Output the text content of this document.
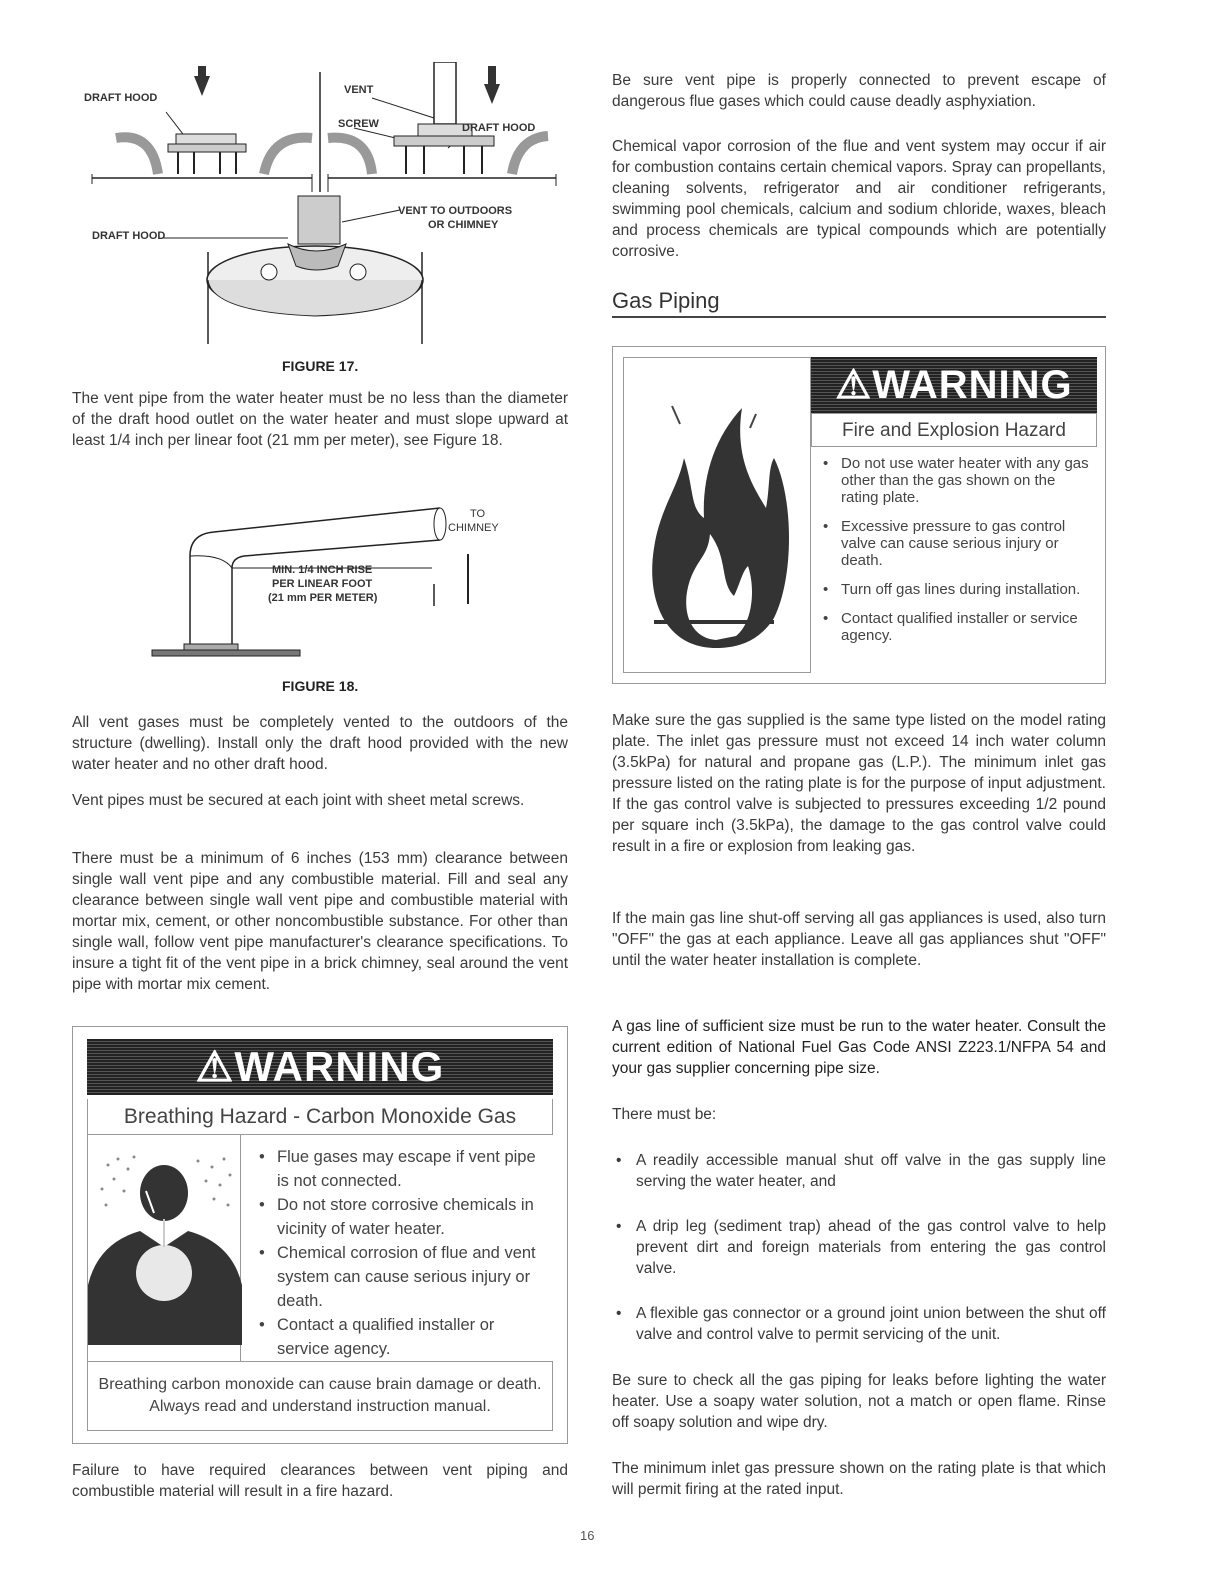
DRAFT HOOD
VENT
SCREW	DRAFT HOOD
VENT TO OUTDOORS
OR CHIMNEY
DRAFT HOOD
FIGURE 17.

The vent pipe from the water heater must be no less than the diameter of the draft hood outlet on the water heater and must slope upward at least 1/4 inch per linear foot (21 mm per meter), see Figure 18.

TO
CHIMNEY
MIN. 1/4 INCH RISE
PER LINEAR FOOT
(21 mm PER METER)
FIGURE 18.

All vent gases must be completely vented to the outdoors of the structure (dwelling). Install only the draft hood provided with the new water heater and no other draft hood.

Vent pipes must be secured at each joint with sheet metal screws.

There must be a minimum of 6 inches (153 mm) clearance between single wall vent pipe and any combustible material. Fill and seal any clearance between single wall vent pipe and combustible material with mortar mix, cement, or other noncombustible substance. For other than single wall, follow vent pipe manufacturer's clearance specifications. To insure a tight fit of the vent pipe in a brick chimney, seal around the vent pipe with mortar mix cement.

⚠WARNING
Breathing Hazard - Carbon Monoxide Gas
• Flue gases may escape if vent pipe is not connected.
• Do not store corrosive chemicals in vicinity of water heater.
• Chemical corrosion of flue and vent system can cause serious injury or death.
• Contact a qualified installer or service agency.
Breathing carbon monoxide can cause brain damage or death. Always read and understand instruction manual.

Failure to have required clearances between vent piping and combustible material will result in a fire hazard.

Be sure vent pipe is properly connected to prevent escape of dangerous flue gases which could cause deadly asphyxiation.

Chemical vapor corrosion of the flue and vent system may occur if air for combustion contains certain chemical vapors. Spray can propellants, cleaning solvents, refrigerator and air conditioner refrigerants, swimming pool chemicals, calcium and sodium chloride, waxes, bleach and process chemicals are typical compounds which are potentially corrosive.

Gas Piping
⚠WARNING
Fire and Explosion Hazard
• Do not use water heater with any gas other than the gas shown on the rating plate.
• Excessive pressure to gas control valve can cause serious injury or death.
• Turn off gas lines during installation.
• Contact qualified installer or service agency.

Make sure the gas supplied is the same type listed on the model rating plate. The inlet gas pressure must not exceed 14 inch water column (3.5kPa) for natural and propane gas (L.P.). The minimum inlet gas pressure listed on the rating plate is for the purpose of input adjustment. If the gas control valve is subjected to pressures exceeding 1/2 pound per square inch (3.5kPa), the damage to the gas control valve could result in a fire or explosion from leaking gas.

If the main gas line shut-off serving all gas appliances is used, also turn "OFF" the gas at each appliance. Leave all gas appliances shut "OFF" until the water heater installation is complete.

A gas line of sufficient size must be run to the water heater. Consult the current edition of National Fuel Gas Code ANSI Z223.1/NFPA 54 and your gas supplier concerning pipe size.

There must be:

• A readily accessible manual shut off valve in the gas supply line serving the water heater, and
• A drip leg (sediment trap) ahead of the gas control valve to help prevent dirt and foreign materials from entering the gas control valve.
• A flexible gas connector or a ground joint union between the shut off valve and control valve to permit servicing of the unit.

Be sure to check all the gas piping for leaks before lighting the water heater. Use a soapy water solution, not a match or open flame. Rinse off soapy solution and wipe dry.

The minimum inlet gas pressure shown on the rating plate is that which will permit firing at the rated input.

16
